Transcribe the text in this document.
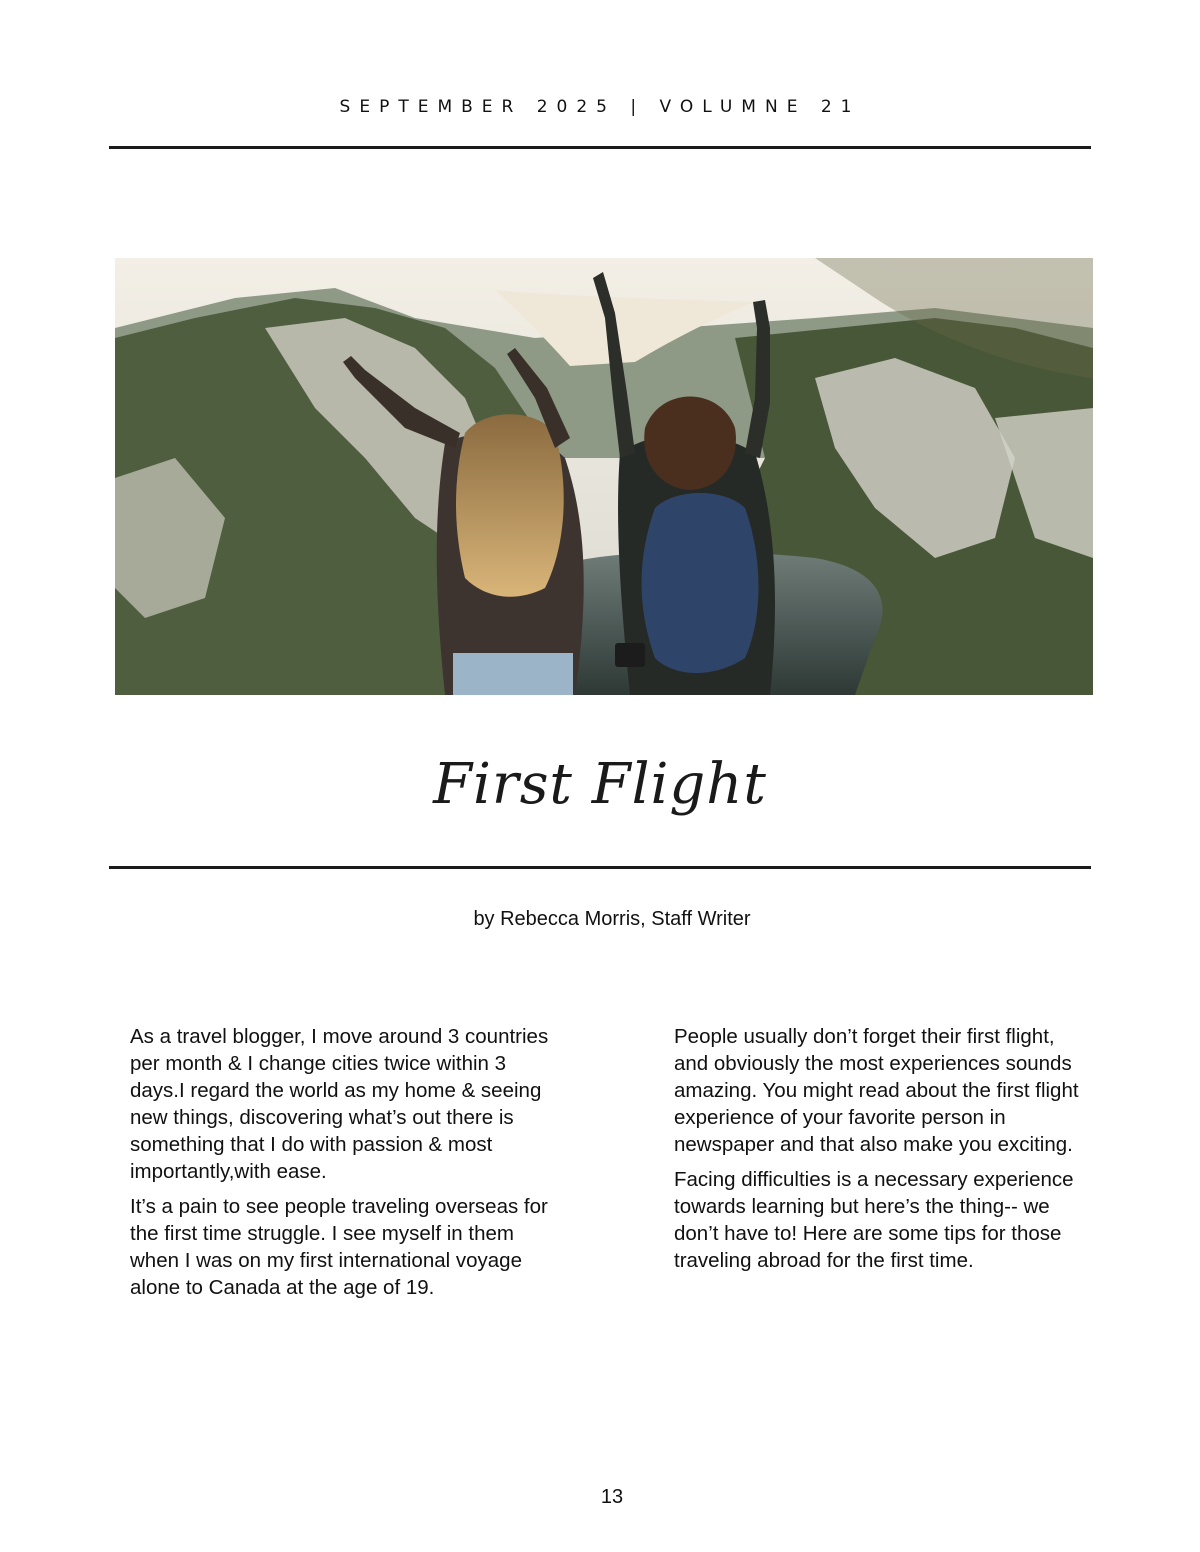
SEPTEMBER 2025 | VOLUMNE 21
First Flight
by Rebecca Morris, Staff Writer

As a travel blogger, I move around 3 countries per month & I change cities twice within 3 days.I regard the world as my home & seeing new things, discovering what’s out there is something that I do with passion & most importantly,with ease.

It’s a pain to see people traveling overseas for the first time struggle. I see myself in them when I was on my first international voyage alone to Canada at the age of 19.

People usually don’t forget their first flight, and obviously the most experiences sounds amazing. You might read about the first flight experience of your favorite person in newspaper and that also make you exciting.

Facing difficulties is a necessary experience towards learning but here’s the thing-- we don’t have to! Here are some tips for those traveling abroad for the first time.

13
